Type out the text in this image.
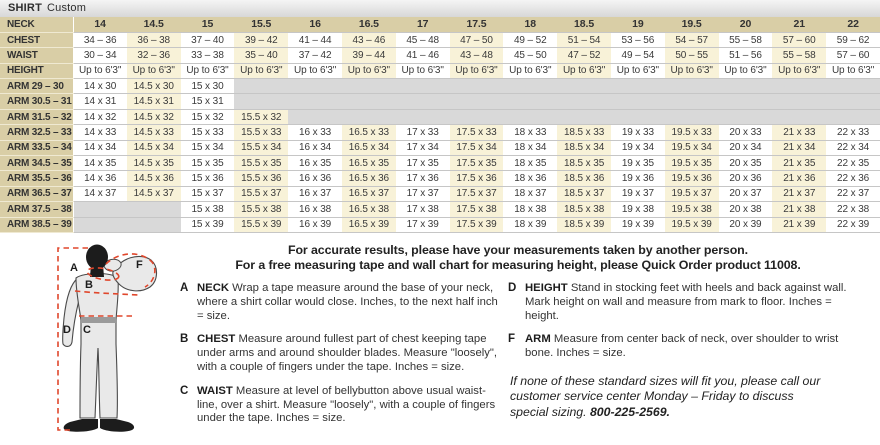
SHIRT Custom
NECK	14	14.5	15	15.5	16	16.5	17	17.5	18	18.5	19	19.5	20	21	22
CHEST	34 – 36	36 – 38	37 – 40	39 – 42	41 – 44	43 – 46	45 – 48	47 – 50	49 – 52	51 – 54	53 – 56	54 – 57	55 – 58	57 – 60	59 – 62
WAIST	30 – 34	32 – 36	33 – 38	35 – 40	37 – 42	39 – 44	41 – 46	43 – 48	45 – 50	47 – 52	49 – 54	50 – 55	51 – 56	55 – 58	57 – 60
HEIGHT	Up to 6'3"	Up to 6'3"	Up to 6'3"	Up to 6'3"	Up to 6'3"	Up to 6'3"	Up to 6'3"	Up to 6'3"	Up to 6'3"	Up to 6'3"	Up to 6'3"	Up to 6'3"	Up to 6'3"	Up to 6'3"	Up to 6'3"
ARM 29 – 30	14 x 30	14.5 x 30	15 x 30												
ARM 30.5 – 31	14 x 31	14.5 x 31	15 x 31												
ARM 31.5 – 32	14 x 32	14.5 x 32	15 x 32	15.5 x 32											
ARM 32.5 – 33	14 x 33	14.5 x 33	15 x 33	15.5 x 33	16 x 33	16.5 x 33	17 x 33	17.5 x 33	18 x 33	18.5 x 33	19 x 33	19.5 x 33	20 x 33	21 x 33	22 x 33
ARM 33.5 – 34	14 x 34	14.5 x 34	15 x 34	15.5 x 34	16 x 34	16.5 x 34	17 x 34	17.5 x 34	18 x 34	18.5 x 34	19 x 34	19.5 x 34	20 x 34	21 x 34	22 x 34
ARM 34.5 – 35	14 x 35	14.5 x 35	15 x 35	15.5 x 35	16 x 35	16.5 x 35	17 x 35	17.5 x 35	18 x 35	18.5 x 35	19 x 35	19.5 x 35	20 x 35	21 x 35	22 x 35
ARM 35.5 – 36	14 x 36	14.5 x 36	15 x 36	15.5 x 36	16 x 36	16.5 x 36	17 x 36	17.5 x 36	18 x 36	18.5 x 36	19 x 36	19.5 x 36	20 x 36	21 x 36	22 x 36
ARM 36.5 – 37	14 x 37	14.5 x 37	15 x 37	15.5 x 37	16 x 37	16.5 x 37	17 x 37	17.5 x 37	18 x 37	18.5 x 37	19 x 37	19.5 x 37	20 x 37	21 x 37	22 x 37
ARM 37.5 – 38			15 x 38	15.5 x 38	16 x 38	16.5 x 38	17 x 38	17.5 x 38	18 x 38	18.5 x 38	19 x 38	19.5 x 38	20 x 38	21 x 38	22 x 38
ARM 38.5 – 39			15 x 39	15.5 x 39	16 x 39	16.5 x 39	17 x 39	17.5 x 39	18 x 39	18.5 x 39	19 x 39	19.5 x 39	20 x 39	21 x 39	22 x 39
A
B
C
D
F
For accurate results, please have your measurements taken by another person.
For a free measuring tape and wall chart for measuring height, please Quick Order product 11008.
A NECK Wrap a tape measure around the base of your neck, where a shirt collar would close. Inches, to the next half inch = size.
B CHEST Measure around fullest part of chest keeping tape under arms and around shoulder blades. Measure "loosely", with a couple of fingers under the tape. Inches = size.
C WAIST Measure at level of bellybutton above usual waist-line, over a shirt. Measure "loosely", with a couple of fingers under the tape. Inches = size.
D HEIGHT Stand in stocking feet with heels and back against wall. Mark height on wall and measure from mark to floor. Inches = height.
F ARM Measure from center back of neck, over shoulder to wrist bone. Inches = size.
If none of these standard sizes will fit you, please call our customer service center Monday – Friday to discuss special sizing. 800-225-2569.
